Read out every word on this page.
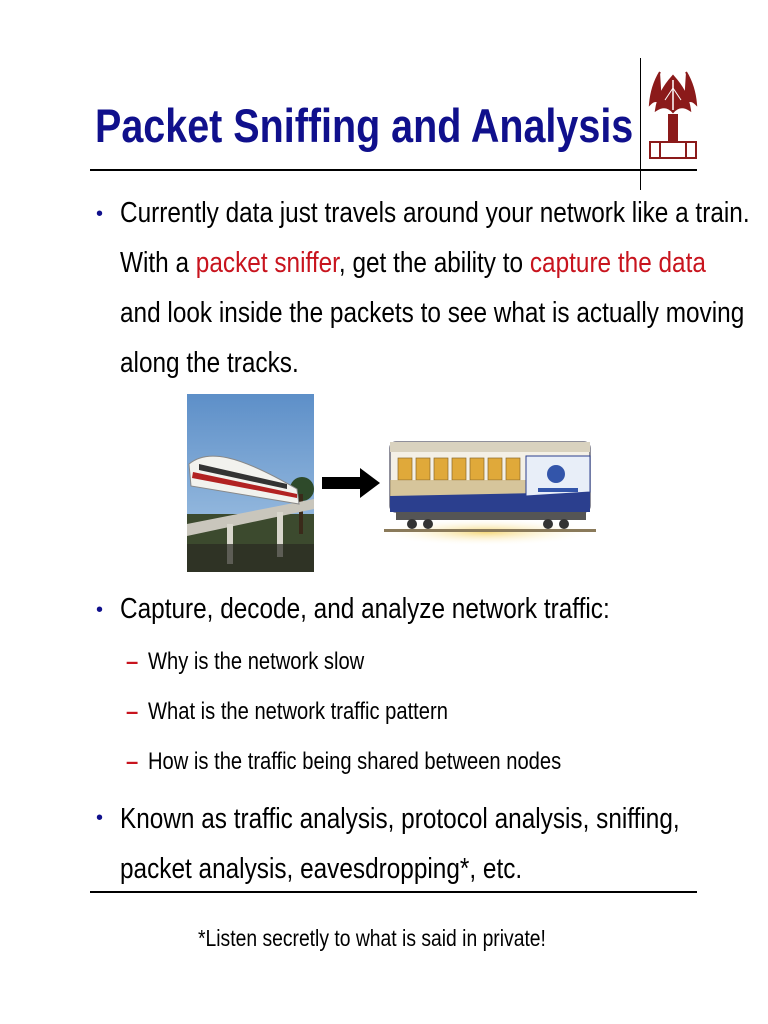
Packet Sniffing and Analysis
• Currently data just travels around your network like a train.
With a packet sniffer, get the ability to capture the data
and look inside the packets to see what is actually moving
along the tracks.
• Capture, decode, and analyze network traffic:
– Why is the network slow
– What is the network traffic pattern
– How is the traffic being shared between nodes
• Known as traffic analysis, protocol analysis, sniffing,
packet analysis, eavesdropping*, etc.
*Listen secretly to what is said in private!
